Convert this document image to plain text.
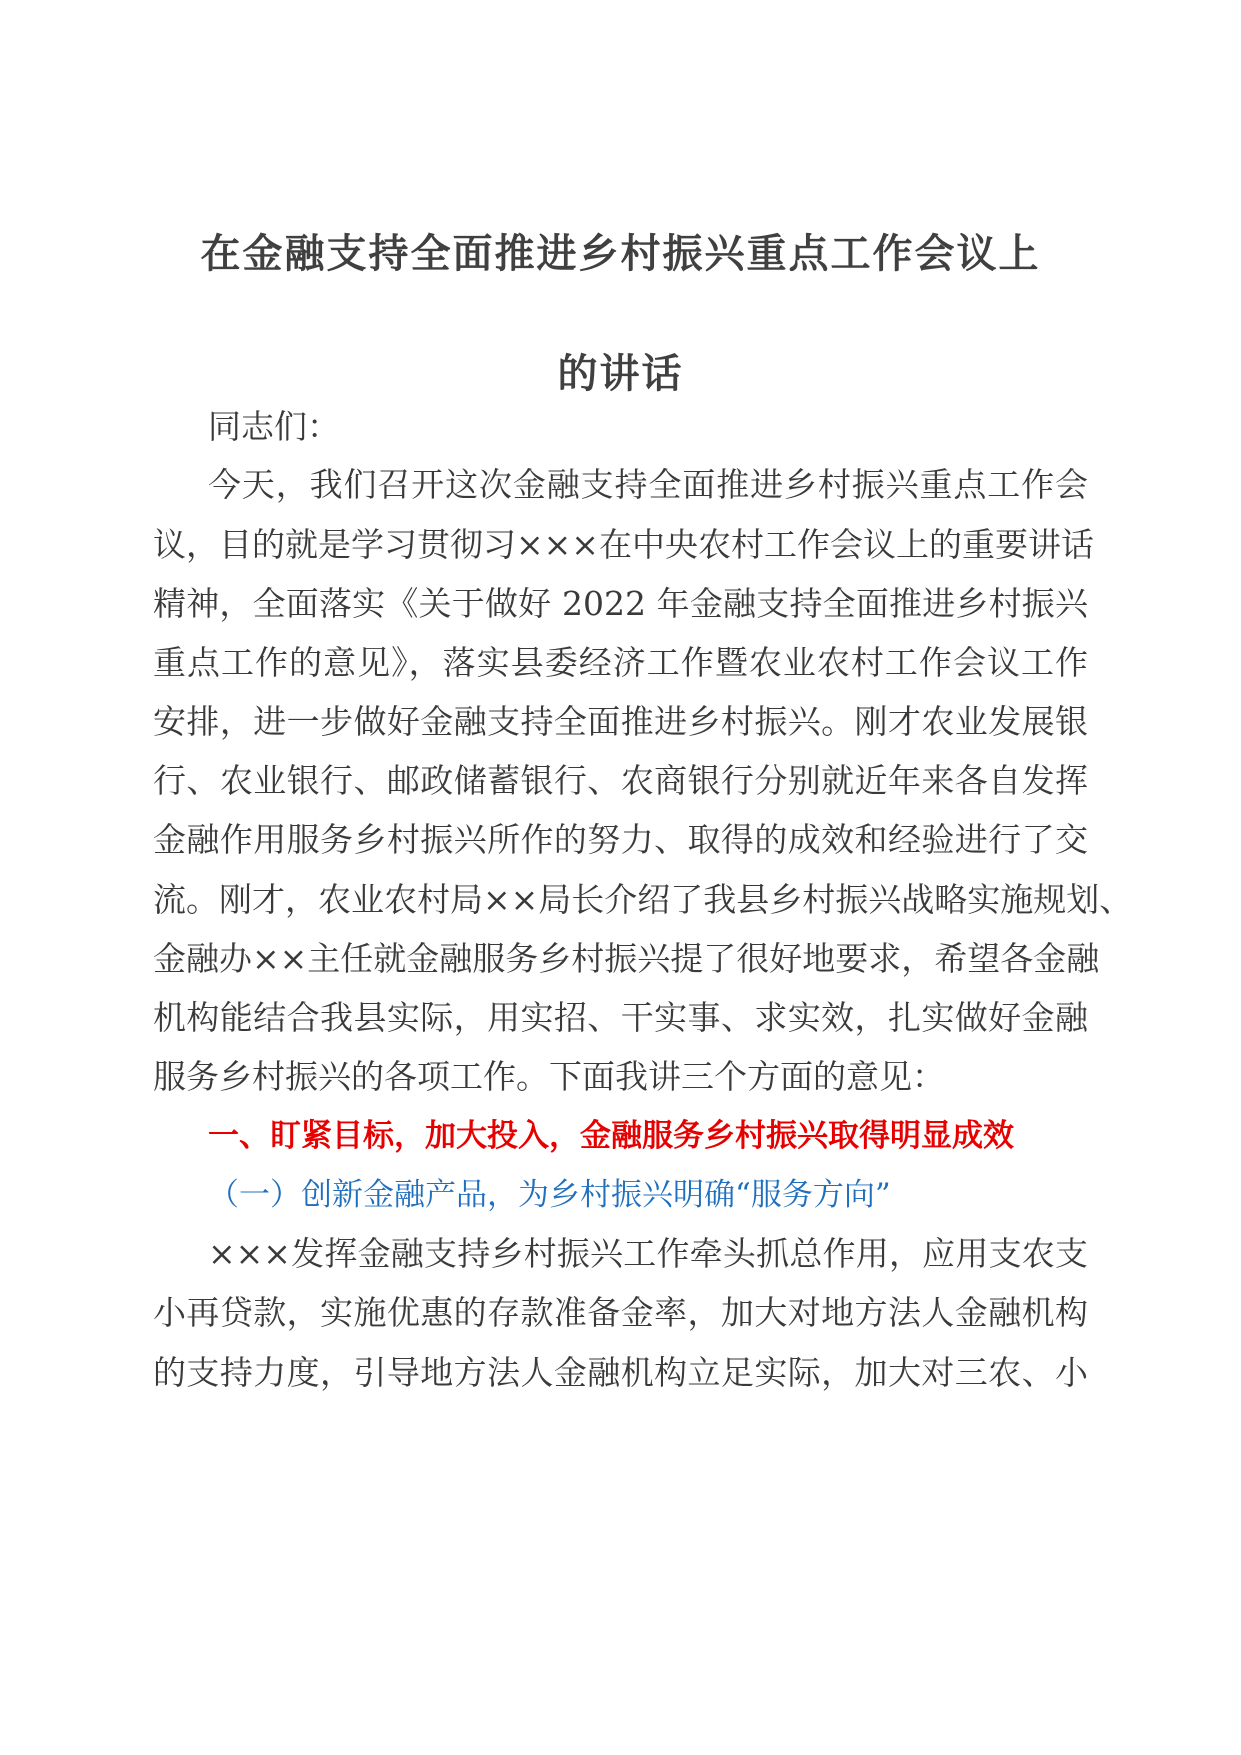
在金融支持全面推进乡村振兴重点工作会议上
的讲话
同志们：
今天，我们召开这次金融支持全面推进乡村振兴重点工作会
议，目的就是学习贯彻习×××在中央农村工作会议上的重要讲话
精神，全面落实《关于做好 2022 年金融支持全面推进乡村振兴
重点工作的意见》，落实县委经济工作暨农业农村工作会议工作
安排，进一步做好金融支持全面推进乡村振兴。刚才农业发展银
行、农业银行、邮政储蓄银行、农商银行分别就近年来各自发挥
金融作用服务乡村振兴所作的努力、取得的成效和经验进行了交
流。刚才，农业农村局××局长介绍了我县乡村振兴战略实施规划、
金融办××主任就金融服务乡村振兴提了很好地要求，希望各金融
机构能结合我县实际，用实招、干实事、求实效，扎实做好金融
服务乡村振兴的各项工作。下面我讲三个方面的意见：
一、盯紧目标，加大投入，金融服务乡村振兴取得明显成效
（一）创新金融产品，为乡村振兴明确“服务方向”
×××发挥金融支持乡村振兴工作牵头抓总作用，应用支农支
小再贷款，实施优惠的存款准备金率，加大对地方法人金融机构
的支持力度，引导地方法人金融机构立足实际，加大对三农、小
